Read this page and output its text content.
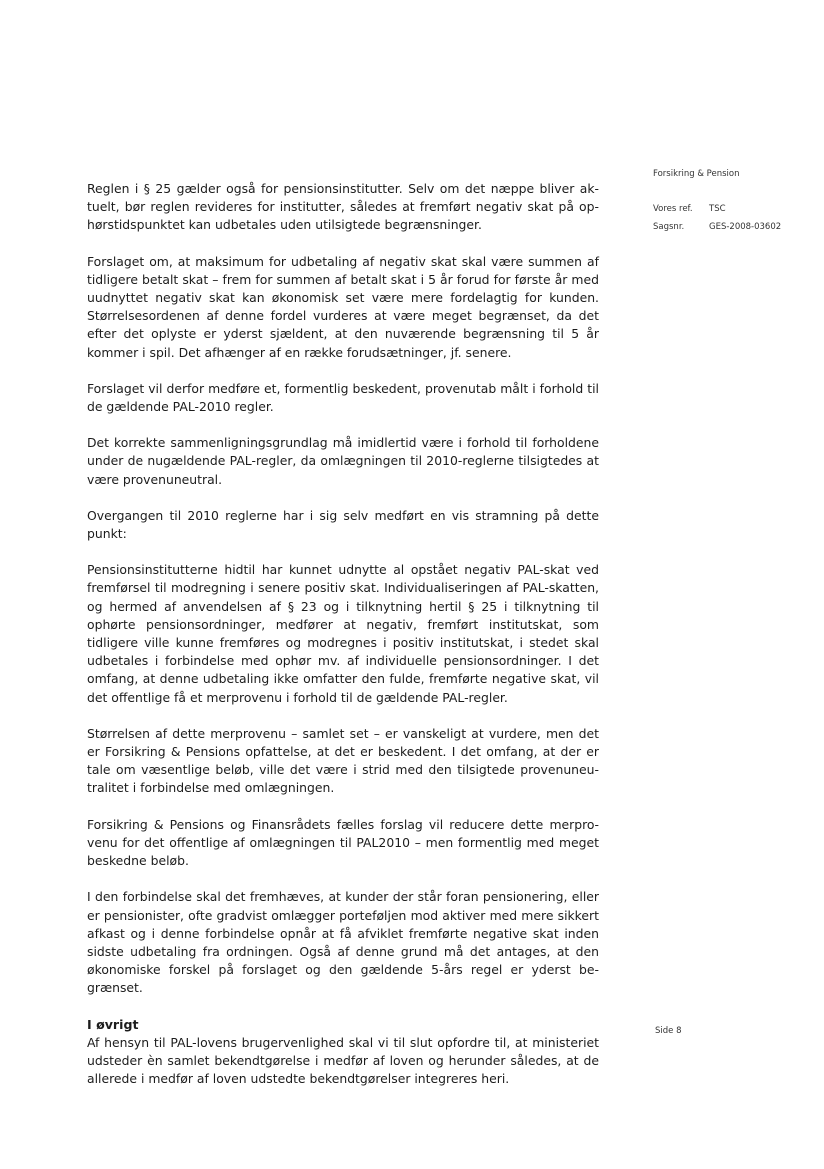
Forsikring & Pension
Vores ref. TSC
Sagsnr.	GES-2008-03602
Side 8

Reglen i § 25 gælder også for pensionsinstitutter. Selv om det næppe bliver aktuelt, bør reglen revideres for institutter, således at fremført negativ skat på ophørstidspunktet kan udbetales uden utilsigtede begrænsninger.

Forslaget om, at maksimum for udbetaling af negativ skat skal være summen af tidligere betalt skat – frem for summen af betalt skat i 5 år forud for første år med uudnyttet negativ skat kan økonomisk set være mere fordelagtig for kunden. Størrelsesordenen af denne fordel vurderes at være meget begrænset, da det efter det oplyste er yderst sjældent, at den nuværende begrænsning til 5 år kommer i spil. Det afhænger af en række forudsætninger, jf. senere.

Forslaget vil derfor medføre et, formentlig beskedent, provenutab målt i forhold til de gældende PAL-2010 regler.

Det korrekte sammenligningsgrundlag må imidlertid være i forhold til forholdene under de nugældende PAL-regler, da omlægningen til 2010-reglerne tilsigtedes at være provenuneutral.

Overgangen til 2010 reglerne har i sig selv medført en vis stramning på dette punkt:

Pensionsinstitutterne hidtil har kunnet udnytte al opstået negativ PAL-skat ved fremførsel til modregning i senere positiv skat. Individualiseringen af PAL-skatten, og hermed af anvendelsen af § 23 og i tilknytning hertil § 25 i tilknytning til ophørte pensionsordninger, medfører at negativ, fremført institutskat, som tidligere ville kunne fremføres og modregnes i positiv institutskat, i stedet skal udbetales i forbindelse med ophør mv. af individuelle pensionsordninger. I det omfang, at denne udbetaling ikke omfatter den fulde, fremførte negative skat, vil det offentlige få et merprovenu i forhold til de gældende PAL-regler.

Størrelsen af dette merprovenu – samlet set – er vanskeligt at vurdere, men det er Forsikring & Pensions opfattelse, at det er beskedent. I det omfang, at der er tale om væsentlige beløb, ville det være i strid med den tilsigtede provenuneutralitet i forbindelse med omlægningen.

Forsikring & Pensions og Finansrådets fælles forslag vil reducere dette merprovenu for det offentlige af omlægningen til PAL2010 – men formentlig med meget beskedne beløb.

I den forbindelse skal det fremhæves, at kunder der står foran pensionering, eller er pensionister, ofte gradvist omlægger porteføljen mod aktiver med mere sikkert afkast og i denne forbindelse opnår at få afviklet fremførte negative skat inden sidste udbetaling fra ordningen. Også af denne grund må det antages, at den økonomiske forskel på forslaget og den gældende 5-års regel er yderst begrænset.

I øvrigt

Af hensyn til PAL-lovens brugervenlighed skal vi til slut opfordre til, at ministeriet udsteder èn samlet bekendtgørelse i medfør af loven og herunder således, at de allerede i medfør af loven udstedte bekendtgørelser integreres heri.
